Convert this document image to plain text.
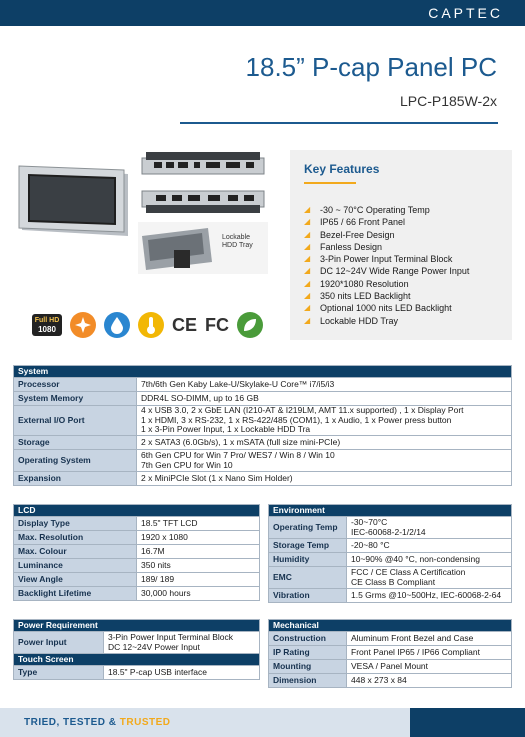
CAPTEC
18.5” P-cap Panel PC
LPC-P185W-2x
Lockable
HDD Tray
Full HD
1080	CE FC
Key Features
◢	-30 ~ 70°C Operating Temp
◢	IP65 / 66 Front Panel
◢	Bezel-Free Design
◢	Fanless Design
◢	3-Pin Power Input Terminal Block
◢	DC 12~24V Wide Range Power Input
◢	1920*1080 Resolution
◢	350 nits LED Backlight
◢	Optional 1000 nits LED Backlight
◢	Lockable HDD Tray
System	
Processor	7th/6th Gen Kaby Lake-U/Skylake-U Core™ i7/i5/i3
System Memory	DDR4L SO-DIMM, up to 16 GB
External I/O Port	4 x USB 3.0, 2 x GbE LAN (I210-AT & I219LM, AMT 11.x supported) , 1 x Display Port
1 x HDMI, 3 x RS-232, 1 x RS-422/485 (COM1), 1 x Audio, 1 x Power press button
1 x 3-Pin Power Input, 1 x Lockable HDD Tra
Storage	2 x SATA3 (6.0Gb/s), 1 x mSATA (full size mini-PCIe)
Operating System	6th Gen CPU for Win 7 Pro/ WES7 / Win 8 / Win 10
7th Gen CPU for Win 10
Expansion	2 x MiniPCIe Slot (1 x Nano Sim Holder)
LCD	
Display Type	18.5" TFT LCD
Max. Resolution	1920 x 1080
Max. Colour	16.7M
Luminance	350 nits
View Angle	189/ 189
Backlight Lifetime	30,000 hours
Environment	
Operating Temp	-30~70°C
IEC-60068-2-1/2/14
Storage Temp	-20~80 °C
Humidity	10~90% @40 °C, non-condensing
EMC	FCC / CE Class A Certification
CE Class B Compliant
Vibration	1.5 Grms @10~500Hz, IEC-60068-2-64
Power Requirement	
Power Input	3-Pin Power Input Terminal Block
DC 12~24V Power Input
Touch Screen	
Type	18.5" P-cap USB interface
Mechanical	
Construction	Aluminum Front Bezel and Case
IP Rating	Front Panel IP65 / IP66 Compliant
Mounting	VESA / Panel Mount
Dimension	448 x 273 x 84
TRIED, TESTED & TRUSTED
